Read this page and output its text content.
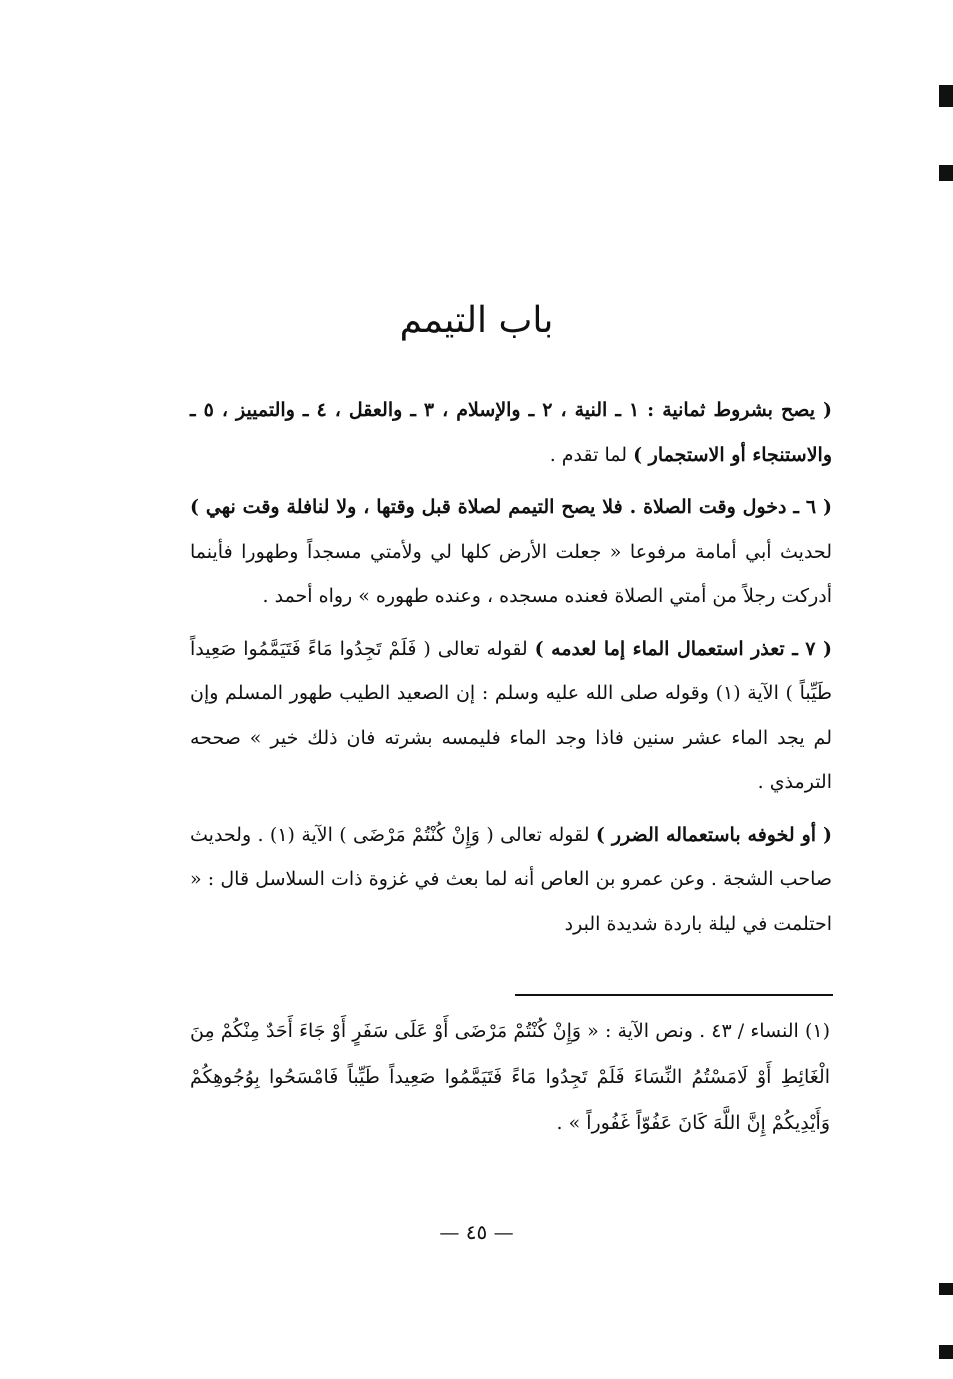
باب التيمم

( يصح بشروط ثمانية : ١ ـ النية ، ٢ ـ والإسلام ، ٣ ـ والعقل ، ٤ ـ والتمييز ، ٥ ـ والاستنجاء أو الاستجمار ) لما تقدم .

( ٦ ـ دخول وقت الصلاة . فلا يصح التيمم لصلاة قبل وقتها ، ولا لنافلة وقت نهي ) لحديث أبي أمامة مرفوعا « جعلت الأرض كلها لي ولأمتي مسجداً وطهورا فأينما أدركت رجلاً من أمتي الصلاة فعنده مسجده ، وعنده طهوره » رواه أحمد .

( ٧ ـ تعذر استعمال الماء إما لعدمه ) لقوله تعالى ( فَلَمْ تَجِدُوا مَاءً فَتَيَمَّمُوا صَعِيداً طَيِّباً ) الآية (١) وقوله صلى الله عليه وسلم : إن الصعيد الطيب طهور المسلم وإن لم يجد الماء عشر سنين فاذا وجد الماء فليمسه بشرته فان ذلك خير » صححه الترمذي .

( أو لخوفه باستعماله الضرر ) لقوله تعالى ( وَإِنْ كُنْتُمْ مَرْضَى ) الآية (١) . ولحديث صاحب الشجة . وعن عمرو بن العاص أنه لما بعث في غزوة ذات السلاسل قال : « احتلمت في ليلة باردة شديدة البرد

(١) النساء / ٤٣ . ونص الآية : « وَإِنْ كُنْتُمْ مَرْضَى أَوْ عَلَى سَفَرٍ أَوْ جَاءَ أَحَدٌ مِنْكُمْ مِنَ الْغَائِطِ أَوْ لَامَسْتُمُ النِّسَاءَ فَلَمْ تَجِدُوا مَاءً فَتَيَمَّمُوا صَعِيداً طَيِّباً فَامْسَحُوا بِوُجُوهِكُمْ وَأَيْدِيكُمْ إِنَّ اللَّهَ كَانَ عَفُوّاً غَفُوراً » .
— ٤٥ —
